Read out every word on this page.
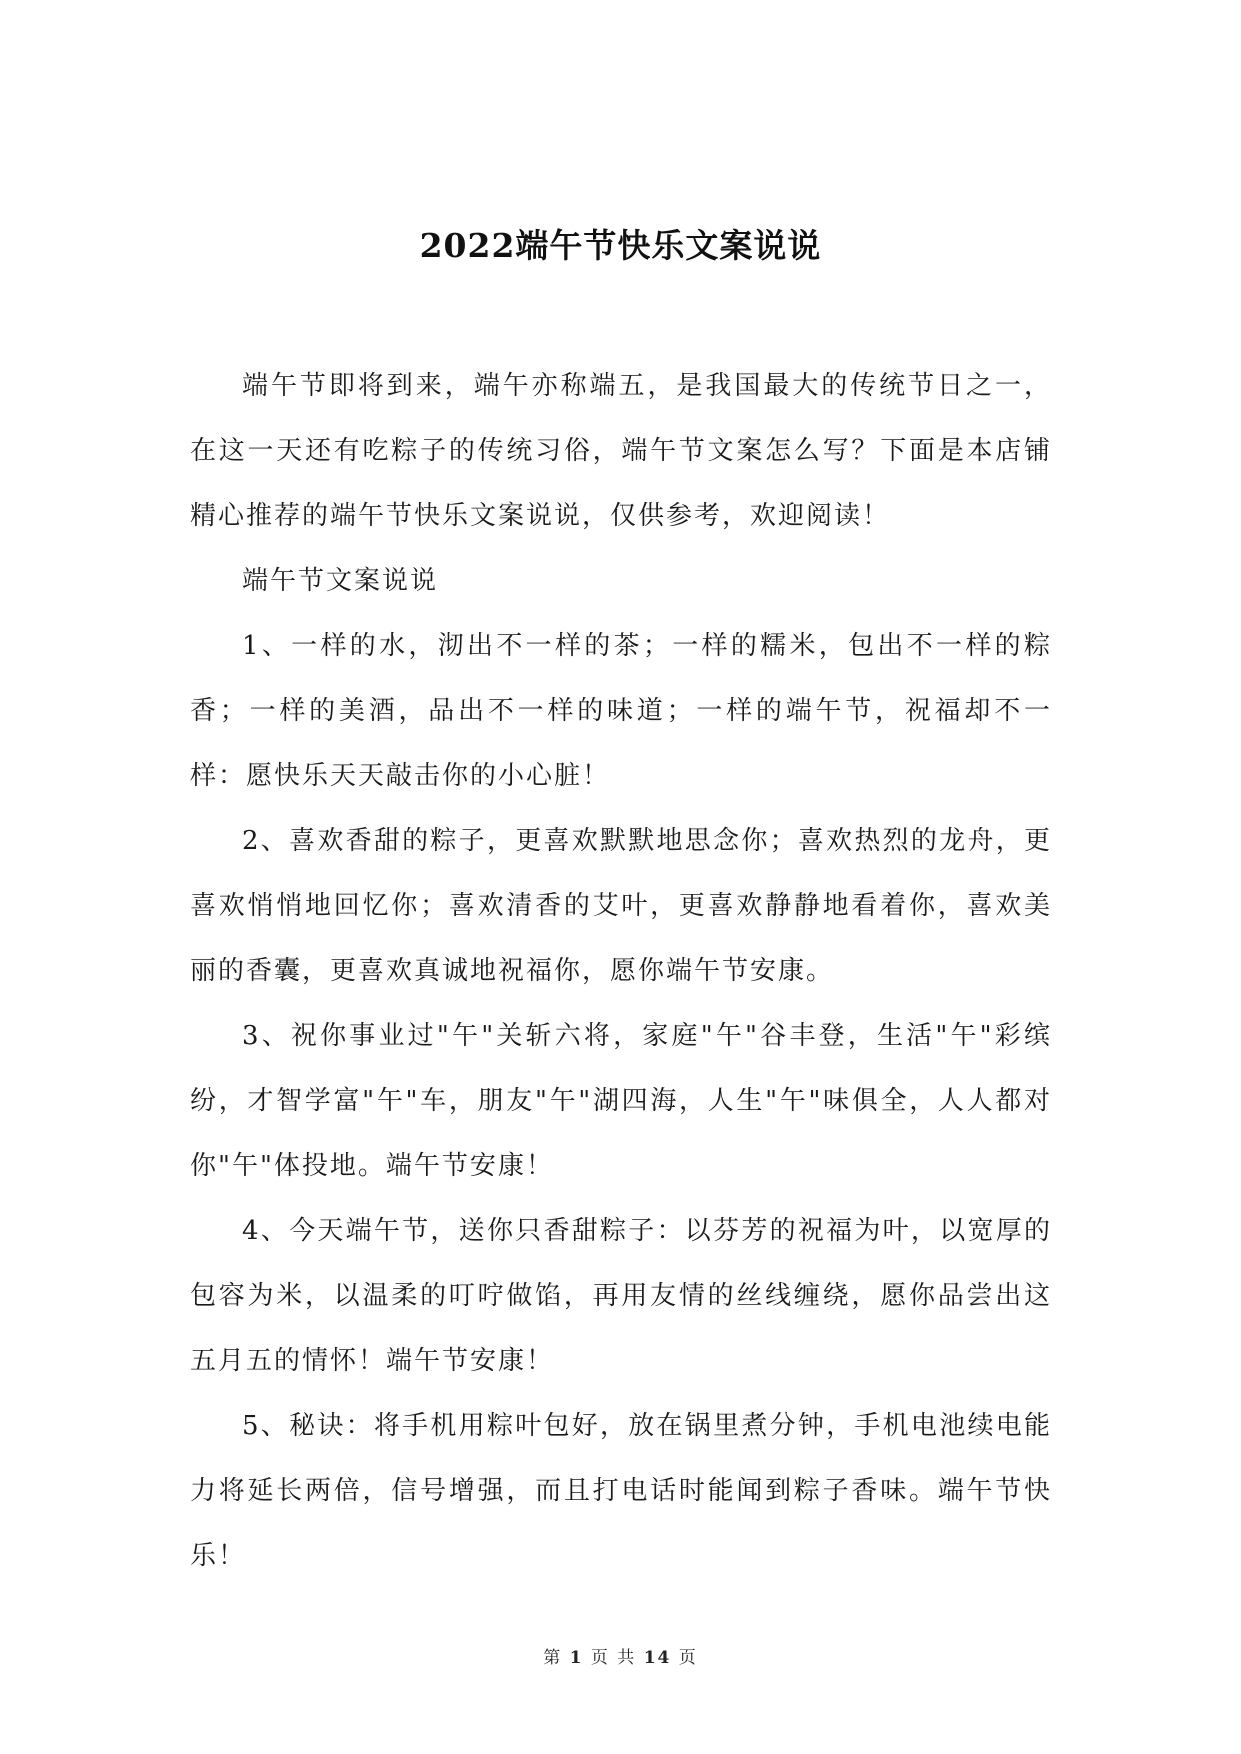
2022端午节快乐文案说说

端午节即将到来，端午亦称端五，是我国最大的传统节日之一，在这一天还有吃粽子的传统习俗，端午节文案怎么写？下面是本店铺精心推荐的端午节快乐文案说说，仅供参考，欢迎阅读！

端午节文案说说

1、一样的水，沏出不一样的茶；一样的糯米，包出不一样的粽香；一样的美酒，品出不一样的味道；一样的端午节，祝福却不一样：愿快乐天天敲击你的小心脏！

2、喜欢香甜的粽子，更喜欢默默地思念你；喜欢热烈的龙舟，更喜欢悄悄地回忆你；喜欢清香的艾叶，更喜欢静静地看着你，喜欢美丽的香囊，更喜欢真诚地祝福你，愿你端午节安康。

3、祝你事业过"午"关斩六将，家庭"午"谷丰登，生活"午"彩缤纷，才智学富"午"车，朋友"午"湖四海，人生"午"味俱全，人人都对你"午"体投地。端午节安康！

4、今天端午节，送你只香甜粽子：以芬芳的祝福为叶，以宽厚的包容为米，以温柔的叮咛做馅，再用友情的丝线缠绕，愿你品尝出这五月五的情怀！端午节安康！

5、秘诀：将手机用粽叶包好，放在锅里煮分钟，手机电池续电能力将延长两倍，信号增强，而且打电话时能闻到粽子香味。端午节快乐！

第 1 页 共 14 页
